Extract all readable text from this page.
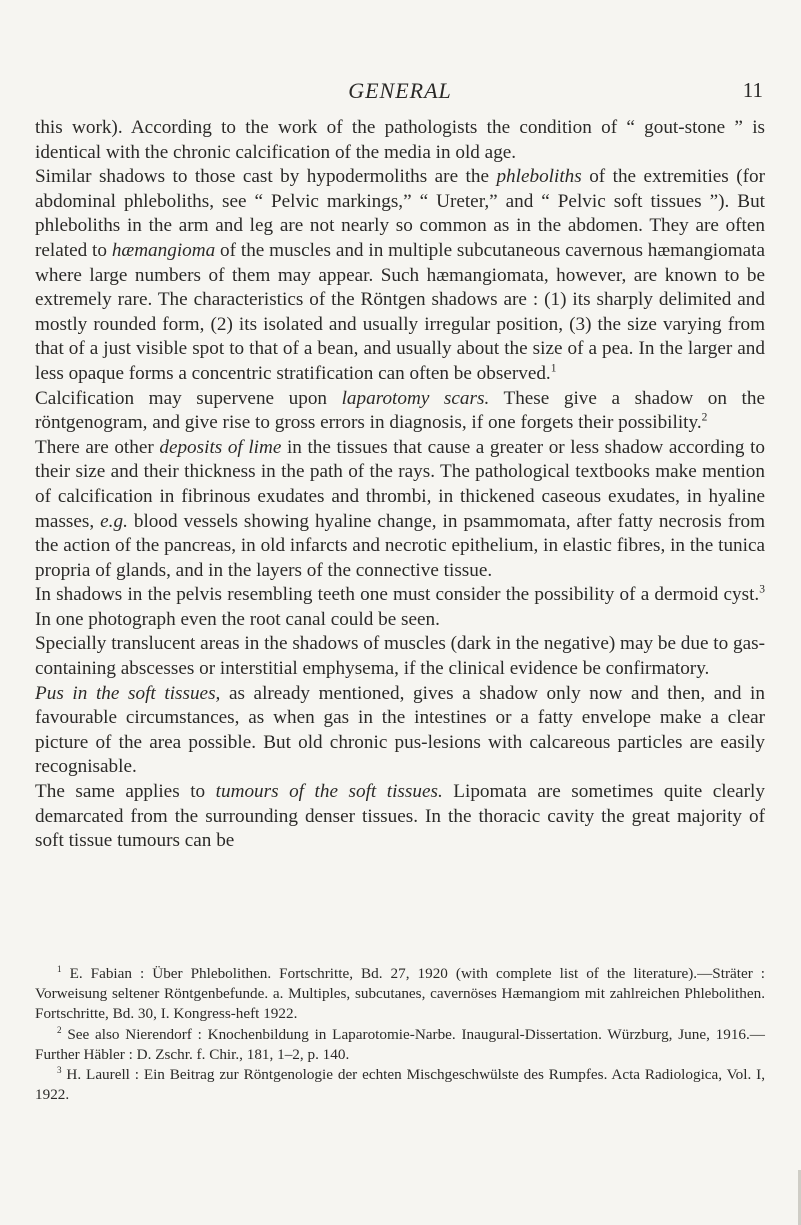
GENERAL	11

this work). According to the work of the pathologists the condition of “ gout-stone ” is identical with the chronic calcification of the media in old age.

Similar shadows to those cast by hypodermoliths are the phleboliths of the extremities (for abdominal phleboliths, see “ Pelvic markings,” “ Ureter,” and “ Pelvic soft tissues ”). But phleboliths in the arm and leg are not nearly so common as in the abdomen. They are often related to hæmangioma of the muscles and in multiple subcutaneous cavernous hæmangiomata where large numbers of them may appear. Such hæmangiomata, however, are known to be extremely rare. The characteristics of the Röntgen shadows are : (1) its sharply delimited and mostly rounded form, (2) its isolated and usually irregular position, (3) the size varying from that of a just visible spot to that of a bean, and usually about the size of a pea. In the larger and less opaque forms a concentric stratification can often be observed.$^1$

Calcification may supervene upon laparotomy scars. These give a shadow on the röntgenogram, and give rise to gross errors in diagnosis, if one forgets their possibility.$^2$

There are other deposits of lime in the tissues that cause a greater or less shadow according to their size and their thickness in the path of the rays. The pathological textbooks make mention of calcification in fibrinous exudates and thrombi, in thickened caseous exudates, in hyaline masses, e.g. blood vessels showing hyaline change, in psammomata, after fatty necrosis from the action of the pancreas, in old infarcts and necrotic epithelium, in elastic fibres, in the tunica propria of glands, and in the layers of the connective tissue.

In shadows in the pelvis resembling teeth one must consider the possibility of a dermoid cyst.$^3$ In one photograph even the root canal could be seen.

Specially translucent areas in the shadows of muscles (dark in the negative) may be due to gas-containing abscesses or interstitial emphysema, if the clinical evidence be confirmatory.

Pus in the soft tissues, as already mentioned, gives a shadow only now and then, and in favourable circumstances, as when gas in the intestines or a fatty envelope make a clear picture of the area possible. But old chronic pus-lesions with calcareous particles are easily recognisable.

The same applies to tumours of the soft tissues. Lipomata are sometimes quite clearly demarcated from the surrounding denser tissues. In the thoracic cavity the great majority of soft tissue tumours can be

$^1$ E. Fabian : Über Phlebolithen. Fortschritte, Bd. 27, 1920 (with complete list of the literature).—Sträter : Vorweisung seltener Röntgenbefunde. a. Multiples, subcutanes, cavernöses Hæmangiom mit zahlreichen Phlebolithen. Fortschritte, Bd. 30, I. Kongress-heft 1922.

$^2$ See also Nierendorf : Knochenbildung in Laparotomie-Narbe. Inaugural-Dissertation. Würzburg, June, 1916.—Further Häbler : D. Zschr. f. Chir., 181, 1–2, p. 140.

$^3$ H. Laurell : Ein Beitrag zur Röntgenologie der echten Mischgeschwülste des Rumpfes. Acta Radiologica, Vol. I, 1922.
